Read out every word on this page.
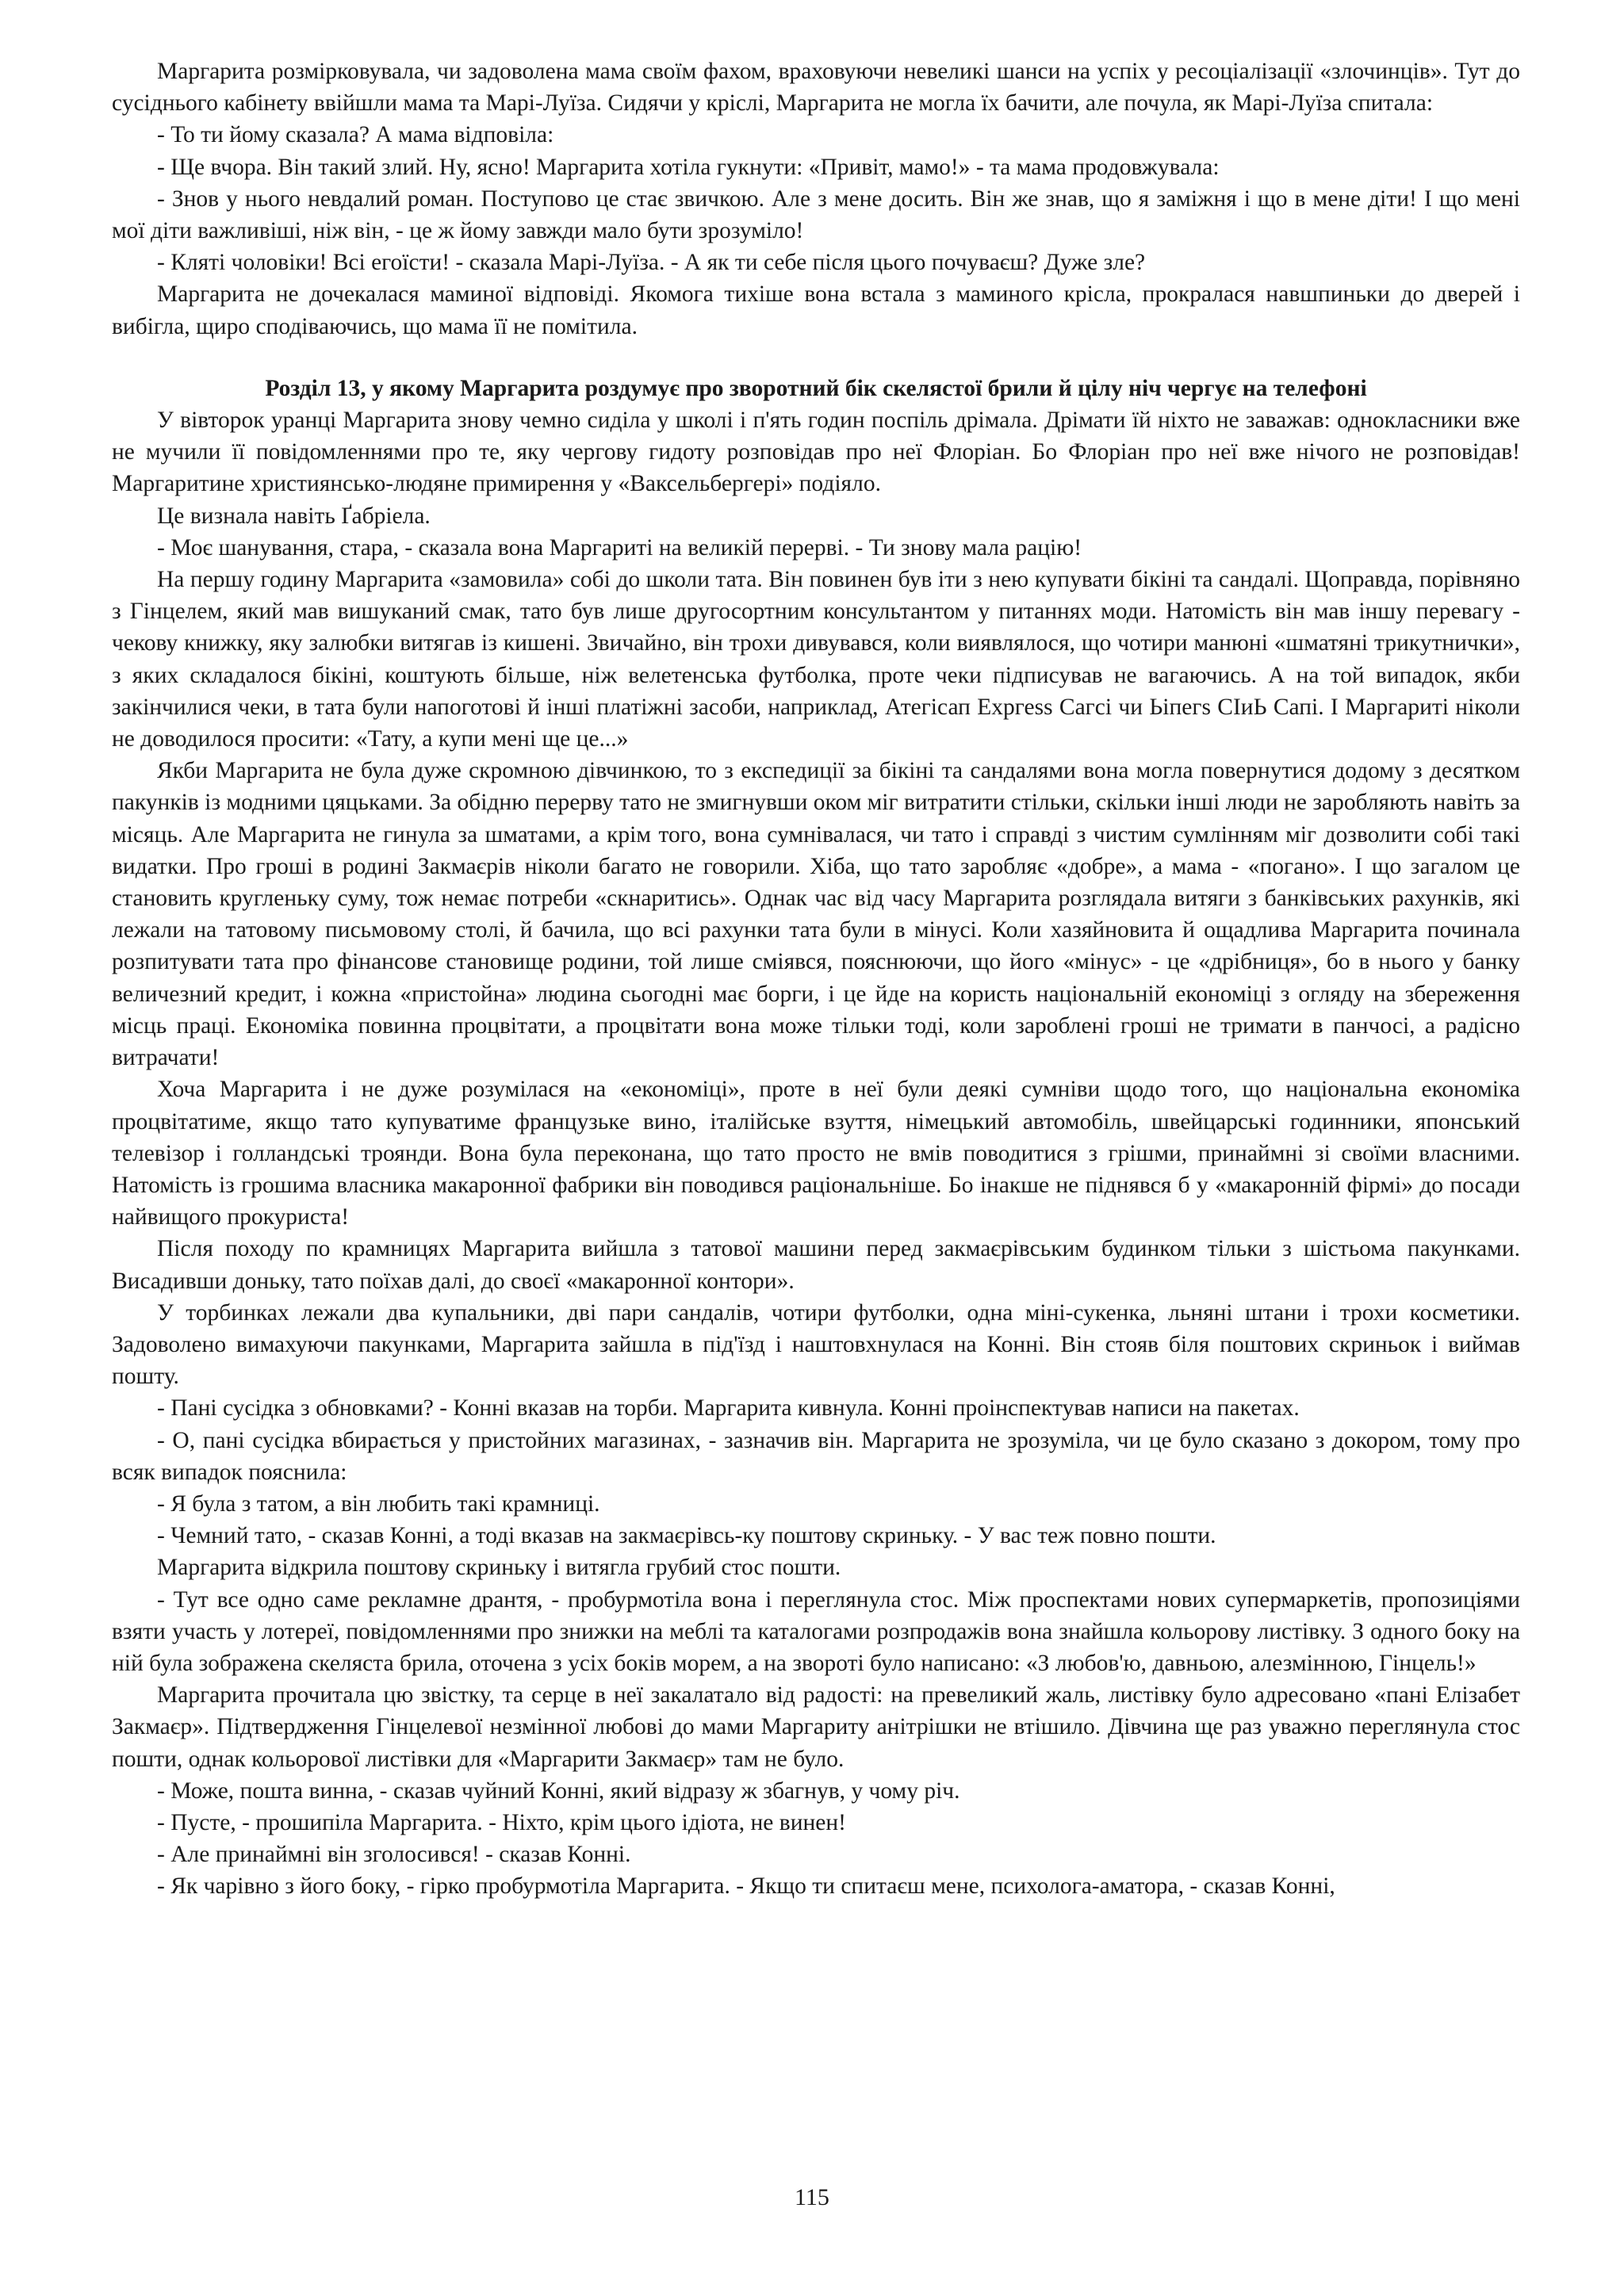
Маргарита розмірковувала, чи задоволена мама своїм фахом, враховуючи невеликі шанси на успіх у ресоціалізації «злочинців». Тут до сусіднього кабінету ввійшли мама та Марі-Луїза. Сидячи у кріслі, Маргарита не могла їх бачити, але почула, як Марі-Луїза спитала:

- То ти йому сказала? А мама відповіла:

- Ще вчора. Він такий злий. Ну, ясно! Маргарита хотіла гукнути: «Привіт, мамо!» - та мама продовжувала:

- Знов у нього невдалий роман. Поступово це стає звичкою. Але з мене досить. Він же знав, що я заміжня і що в мене діти! І що мені мої діти важливіші, ніж він, - це ж йому завжди мало бути зрозуміло!

- Кляті чоловіки! Всі егоїсти! - сказала Марі-Луїза. - А як ти себе після цього почуваєш? Дуже зле?

Маргарита не дочекалася маминої відповіді. Якомога тихіше вона встала з маминого крісла, прокралася навшпиньки до дверей і вибігла, щиро сподіваючись, що мама її не помітила.

Розділ 13, у якому Маргарита роздумує про зворотний бік скелястої брили й цілу ніч чергує на телефоні

У вівторок уранці Маргарита знову чемно сиділа у школі і п'ять годин поспіль дрімала. Дрімати їй ніхто не заважав: однокласники вже не мучили її повідомленнями про те, яку чергову гидоту розповідав про неї Флоріан. Бо Флоріан про неї вже нічого не розповідав! Маргаритине християнсько-людяне примирення у «Ваксельбергері» подіяло.

Це визнала навіть Ґабріела.

- Моє шанування, стара, - сказала вона Маргариті на великій перерві. - Ти знову мала рацію!

На першу годину Маргарита «замовила» собі до школи тата. Він повинен був іти з нею купувати бікіні та сандалі. Щоправда, порівняно з Гінцелем, який мав вишуканий смак, тато був лише другосортним консультантом у питаннях моди. Натомість він мав іншу перевагу - чекову книжку, яку залюбки витягав із кишені. Звичайно, він трохи дивувався, коли виявлялося, що чотири манюні «шматяні трикутнички», з яких складалося бікіні, коштують більше, ніж велетенська футболка, проте чеки підписував не вагаючись. А на той випадок, якби закінчилися чеки, в тата були напоготові й інші платіжні засоби, наприклад, Атегісап Ехргеѕѕ Сагсі чи Ьіпегѕ СІиЬ Сапі. І Маргариті ніколи не доводилося просити: «Тату, а купи мені ще це...»

Якби Маргарита не була дуже скромною дівчинкою, то з експедиції за бікіні та сандалями вона могла повернутися додому з десятком пакунків із модними цяцьками. За обідню перерву тато не змигнувши оком міг витратити стільки, скільки інші люди не заробляють навіть за місяць. Але Маргарита не гинула за шматами, а крім того, вона сумнівалася, чи тато і справді з чистим сумлінням міг дозволити собі такі видатки. Про гроші в родині Закмаєрів ніколи багато не говорили. Хіба, що тато заробляє «добре», а мама - «погано». І що загалом це становить кругленьку суму, тож немає потреби «скнаритись». Однак час від часу Маргарита розглядала витяги з банківських рахунків, які лежали на татовому письмовому столі, й бачила, що всі рахунки тата були в мінусі. Коли хазяйновита й ощадлива Маргарита починала розпитувати тата про фінансове становище родини, той лише сміявся, пояснюючи, що його «мінус» - це «дрібниця», бо в нього у банку величезний кредит, і кожна «пристойна» людина сьогодні має борги, і це йде на користь національній економіці з огляду на збереження місць праці. Економіка повинна процвітати, а процвітати вона може тільки тоді, коли зароблені гроші не тримати в панчосі, а радісно витрачати!

Хоча Маргарита і не дуже розумілася на «економіці», проте в неї були деякі сумніви щодо того, що національна економіка процвітатиме, якщо тато купуватиме французьке вино, італійське взуття, німецький автомобіль, швейцарські годинники, японський телевізор і голландські троянди. Вона була переконана, що тато просто не вмів поводитися з грішми, принаймні зі своїми власними. Натомість із грошима власника макаронної фабрики він поводився раціональніше. Бо інакше не піднявся б у «макаронній фірмі» до посади найвищого прокуриста!

Після походу по крамницях Маргарита вийшла з татової машини перед закмаєрівським будинком тільки з шістьома пакунками. Висадивши доньку, тато поїхав далі, до своєї «макаронної контори».

У торбинках лежали два купальники, дві пари сандалів, чотири футболки, одна міні-сукенка, льняні штани і трохи косметики. Задоволено вимахуючи пакунками, Маргарита зайшла в під'їзд і наштовхнулася на Конні. Він стояв біля поштових скриньок і виймав пошту.

- Пані сусідка з обновками? - Конні вказав на торби. Маргарита кивнула. Конні проінспектував написи на пакетах.

- О, пані сусідка вбирається у пристойних магазинах, - зазначив він. Маргарита не зрозуміла, чи це було сказано з докором, тому про всяк випадок пояснила:

- Я була з татом, а він любить такі крамниці.

- Чемний тато, - сказав Конні, а тоді вказав на закмаєрівсь-ку поштову скриньку. - У вас теж повно пошти.

Маргарита відкрила поштову скриньку і витягла грубий стос пошти.

- Тут все одно саме рекламне дрантя, - пробурмотіла вона і переглянула стос. Між проспектами нових супермаркетів, пропозиціями взяти участь у лотереї, повідомленнями про знижки на меблі та каталогами розпродажів вона знайшла кольорову листівку. З одного боку на ній була зображена скеляста брила, оточена з усіх боків морем, а на звороті було написано: «З любов'ю, давньою, алезмінною, Гінцель!»

Маргарита прочитала цю звістку, та серце в неї закалатало від радості: на превеликий жаль, листівку було адресовано «пані Елізабет Закмаєр». Підтвердження Гінцелевої незмінної любові до мами Маргариту анітрішки не втішило. Дівчина ще раз уважно переглянула стос пошти, однак кольорової листівки для «Маргарити Закмаєр» там не було.

- Може, пошта винна, - сказав чуйний Конні, який відразу ж збагнув, у чому річ.

- Пусте, - прошипіла Маргарита. - Ніхто, крім цього ідіота, не винен!

- Але принаймні він зголосився! - сказав Конні.

- Як чарівно з його боку, - гірко пробурмотіла Маргарита. - Якщо ти спитаєш мене, психолога-аматора, - сказав Конні,

115
